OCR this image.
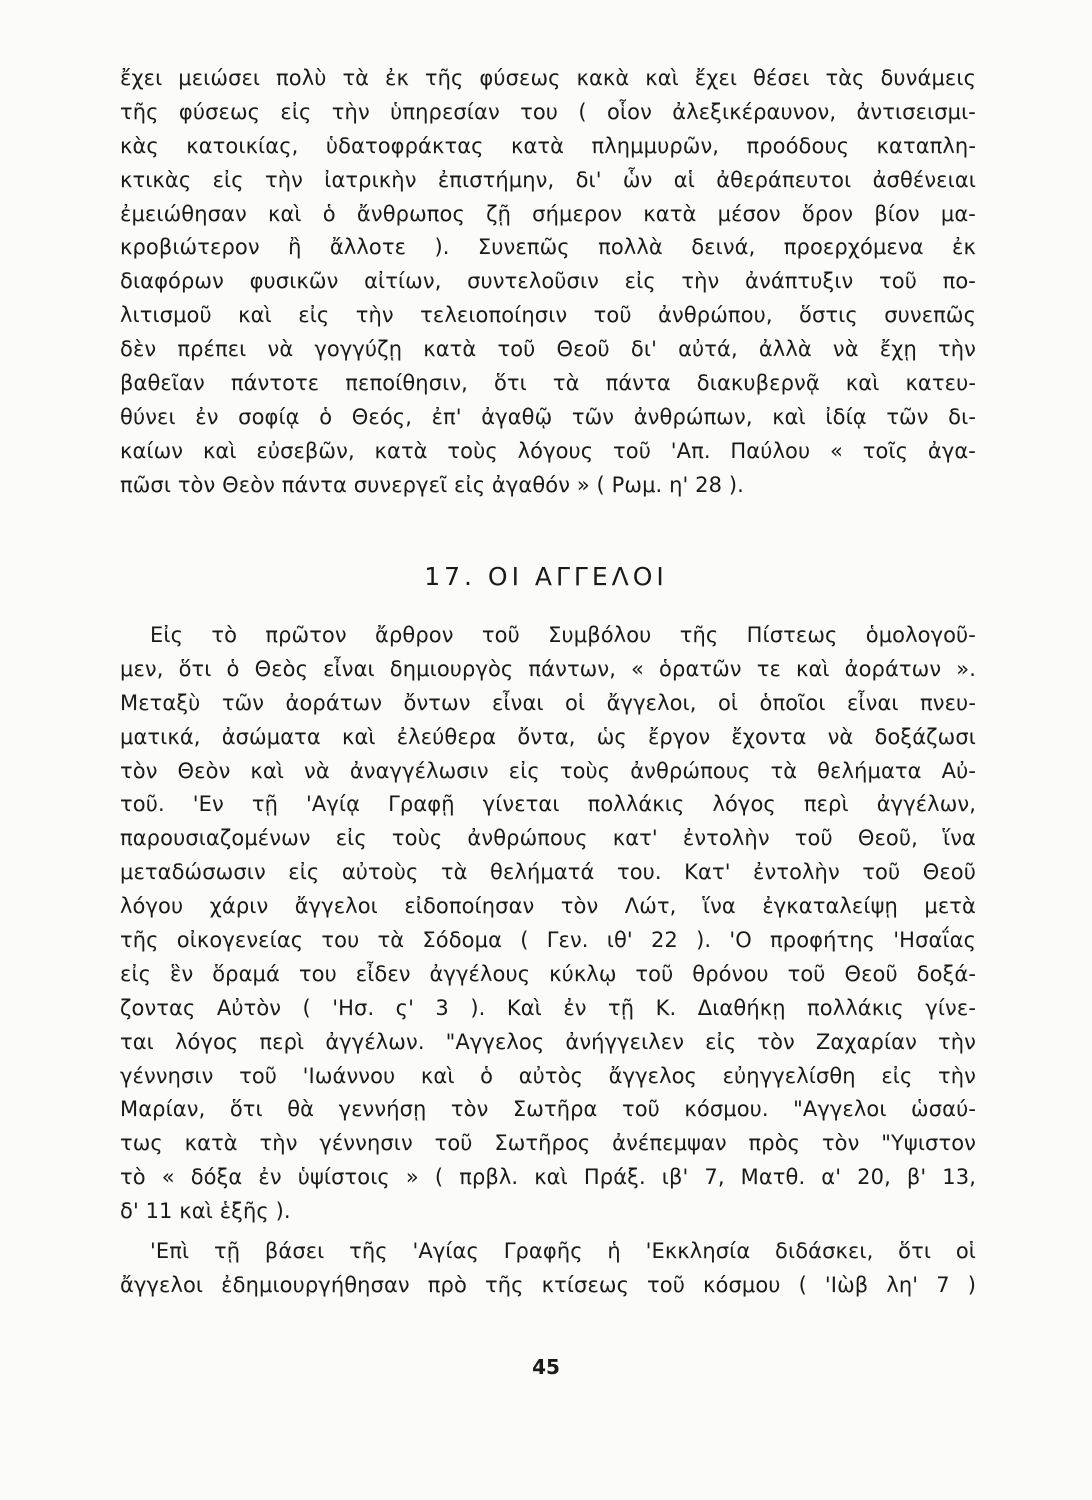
ἔχει μειώσει πολὺ τὰ ἐκ τῆς φύσεως κακὰ καὶ ἔχει θέσει τὰς δυνάμεις
τῆς φύσεως εἰς τὴν ὑπηρεσίαν του ( οἷον ἀλεξικέραυνον, ἀντισεισμι-
κὰς κατοικίας, ὑδατοφράκτας κατὰ πλημμυρῶν, προόδους καταπλη-
κτικὰς εἰς τὴν ἰατρικὴν ἐπιστήμην, δι' ὧν αἱ ἀθεράπευτοι ἀσθένειαι
ἐμειώθησαν καὶ ὁ ἄνθρωπος ζῇ σήμερον κατὰ μέσον ὅρον βίον μα-
κροβιώτερον ἢ ἄλλοτε ). Συνεπῶς πολλὰ δεινά, προερχόμενα ἐκ
διαφόρων φυσικῶν αἰτίων, συντελοῦσιν εἰς τὴν ἀνάπτυξιν τοῦ πο-
λιτισμοῦ καὶ εἰς τὴν τελειοποίησιν τοῦ ἀνθρώπου, ὅστις συνεπῶς
δὲν πρέπει νὰ γογγύζῃ κατὰ τοῦ Θεοῦ δι' αὐτά, ἀλλὰ νὰ ἔχῃ τὴν
βαθεῖαν πάντοτε πεποίθησιν, ὅτι τὰ πάντα διακυβερνᾷ καὶ κατευ-
θύνει ἐν σοφίᾳ ὁ Θεός, ἐπ' ἀγαθῷ τῶν ἀνθρώπων, καὶ ἰδίᾳ τῶν δι-
καίων καὶ εὐσεβῶν, κατὰ τοὺς λόγους τοῦ 'Απ. Παύλου « τοῖς ἀγα-
πῶσι τὸν Θεὸν πάντα συνεργεῖ εἰς ἀγαθόν » ( Ρωμ. η' 28 ).
17. ΟΙ ΑΓΓΕΛΟΙ
Εἰς τὸ πρῶτον ἄρθρον τοῦ Συμβόλου τῆς Πίστεως ὁμολογοῦ-
μεν, ὅτι ὁ Θεὸς εἶναι δημιουργὸς πάντων, « ὁρατῶν τε καὶ ἀοράτων ».
Μεταξὺ τῶν ἀοράτων ὄντων εἶναι οἱ ἄγγελοι, οἱ ὁποῖοι εἶναι πνευ-
ματικά, ἀσώματα καὶ ἐλεύθερα ὄντα, ὡς ἔργον ἔχοντα νὰ δοξάζωσι
τὸν Θεὸν καὶ νὰ ἀναγγέλωσιν εἰς τοὺς ἀνθρώπους τὰ θελήματα Αὐ-
τοῦ. 'Εν τῇ 'Αγίᾳ Γραφῇ γίνεται πολλάκις λόγος περὶ ἀγγέλων,
παρουσιαζομένων εἰς τοὺς ἀνθρώπους κατ' ἐντολὴν τοῦ Θεοῦ, ἵνα
μεταδώσωσιν εἰς αὐτοὺς τὰ θελήματά του. Κατ' ἐντολὴν τοῦ Θεοῦ
λόγου χάριν ἄγγελοι εἰδοποίησαν τὸν Λώτ, ἵνα ἐγκαταλείψῃ μετὰ
τῆς οἰκογενείας του τὰ Σόδομα ( Γεν. ιθ' 22 ). 'Ο προφήτης 'Ησαΐας
εἰς ἓν ὅραμά του εἶδεν ἀγγέλους κύκλῳ τοῦ θρόνου τοῦ Θεοῦ δοξά-
ζοντας Αὐτὸν ( 'Ησ. ς' 3 ). Καὶ ἐν τῇ Κ. Διαθήκῃ πολλάκις γίνε-
ται λόγος περὶ ἀγγέλων. "Αγγελος ἀνήγγειλεν εἰς τὸν Ζαχαρίαν τὴν
γέννησιν τοῦ 'Ιωάννου καὶ ὁ αὐτὸς ἄγγελος εὐηγγελίσθη εἰς τὴν
Μαρίαν, ὅτι θὰ γεννήσῃ τὸν Σωτῆρα τοῦ κόσμου. "Αγγελοι ὡσαύ-
τως κατὰ τὴν γέννησιν τοῦ Σωτῆρος ἀνέπεμψαν πρὸς τὸν "Υψιστον
τὸ « δόξα ἐν ὑψίστοις » ( πρβλ. καὶ Πράξ. ιβ' 7, Ματθ. α' 20, β' 13,
δ' 11 καὶ ἑξῆς ).
'Επὶ τῇ βάσει τῆς 'Αγίας Γραφῆς ἡ 'Εκκλησία διδάσκει, ὅτι οἱ
ἄγγελοι ἐδημιουργήθησαν πρὸ τῆς κτίσεως τοῦ κόσμου ( 'Ιὼβ λη' 7 )
45
